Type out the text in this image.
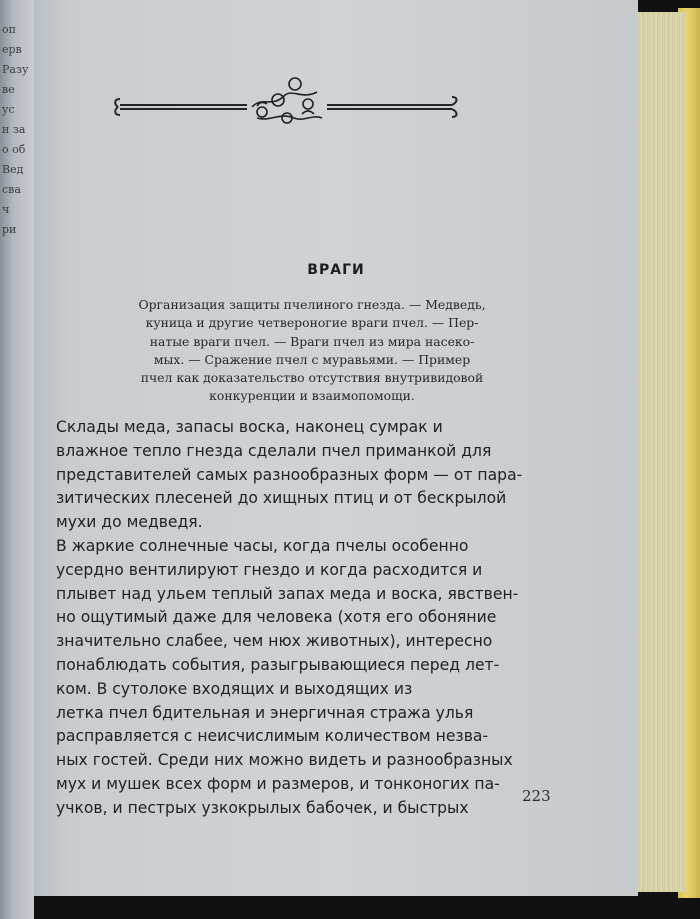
оп
ерв
Разу
ве
ус
н за
о об
Вед
сва
ч
ри
ВРАГИ
Организация защиты пчелиного гнезда. — Медведь,
куница и другие четвероногие враги пчел. — Пер-
натые враги пчел. — Враги пчел из мира насеко-
мых. — Сражение пчел с муравьями. — Пример
пчел как доказательство отсутствия внутривидовой
конкуренции и взаимопомощи.
Склады меда, запасы воска, наконец сумрак и
влажное тепло гнезда сделали пчел приманкой для
представителей самых разнообразных форм — от пара-
зитических плесеней до хищных птиц и от бескрылой
мухи до медведя.
В жаркие солнечные часы, когда пчелы особенно
усердно вентилируют гнездо и когда расходится и
плывет над ульем теплый запах меда и воска, явствен-
но ощутимый даже для человека (хотя его обоняние
значительно слабее, чем нюх животных), интересно
понаблюдать события, разыгрывающиеся перед лет-
ком. В сутолоке входящих и выходящих из
летка пчел бдительная и энергичная стража улья
расправляется с неисчислимым количеством незва-
ных гостей. Среди них можно видеть и разнообразных
мух и мушек всех форм и размеров, и тонконогих па-
учков, и пестрых узкокрылых бабочек, и быстрых
223
